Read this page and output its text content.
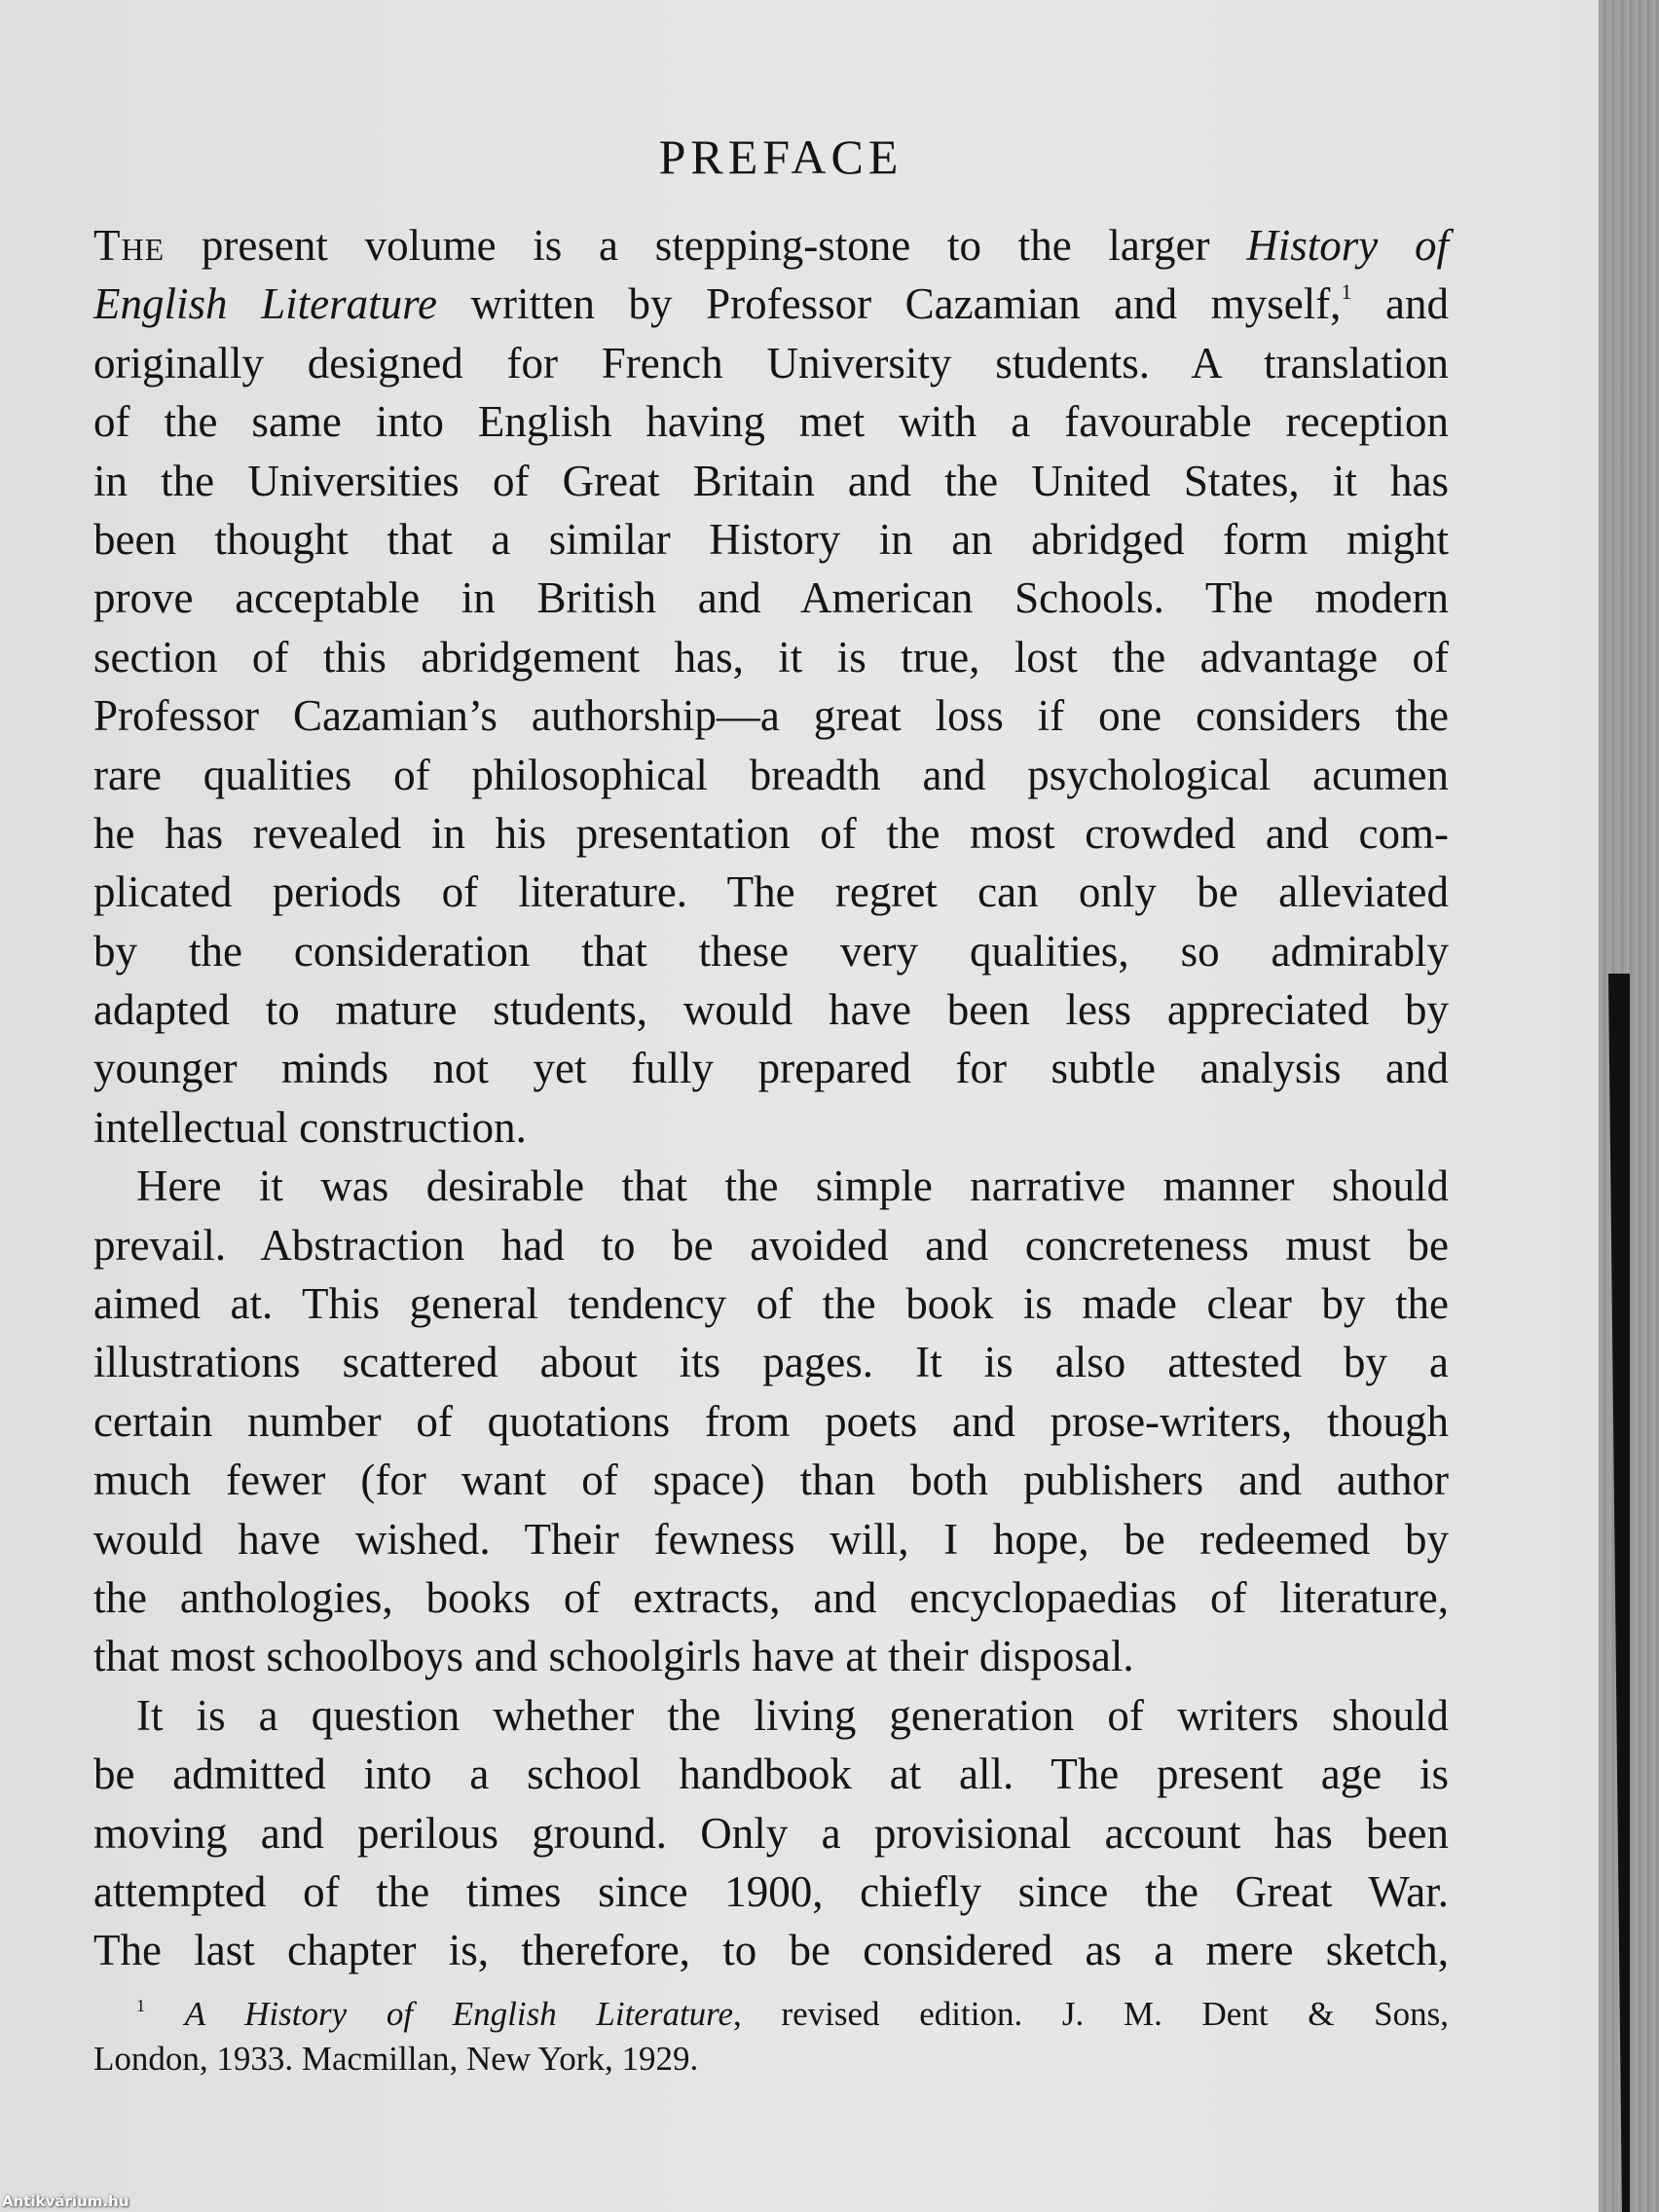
PREFACE
The present volume is a stepping-stone to the larger History of
English Literature written by Professor Cazamian and myself,$^1$ and
originally designed for French University students. A translation
of the same into English having met with a favourable reception
in the Universities of Great Britain and the United States, it has
been thought that a similar History in an abridged form might
prove acceptable in British and American Schools. The modern
section of this abridgement has, it is true, lost the advantage of
Professor Cazamian’s authorship—a great loss if one considers the
rare qualities of philosophical breadth and psychological acumen
he has revealed in his presentation of the most crowded and com-
plicated periods of literature. The regret can only be alleviated
by the consideration that these very qualities, so admirably
adapted to mature students, would have been less appreciated by
younger minds not yet fully prepared for subtle analysis and
intellectual construction.
Here it was desirable that the simple narrative manner should
prevail. Abstraction had to be avoided and concreteness must be
aimed at. This general tendency of the book is made clear by the
illustrations scattered about its pages. It is also attested by a
certain number of quotations from poets and prose-writers, though
much fewer (for want of space) than both publishers and author
would have wished. Their fewness will, I hope, be redeemed by
the anthologies, books of extracts, and encyclopaedias of literature,
that most schoolboys and schoolgirls have at their disposal.
It is a question whether the living generation of writers should
be admitted into a school handbook at all. The present age is
moving and perilous ground. Only a provisional account has been
attempted of the times since 1900, chiefly since the Great War.
The last chapter is, therefore, to be considered as a mere sketch,
$^1$ A History of English Literature, revised edition. J. M. Dent & Sons,
London, 1933. Macmillan, New York, 1929.
Antikvárium.hu
